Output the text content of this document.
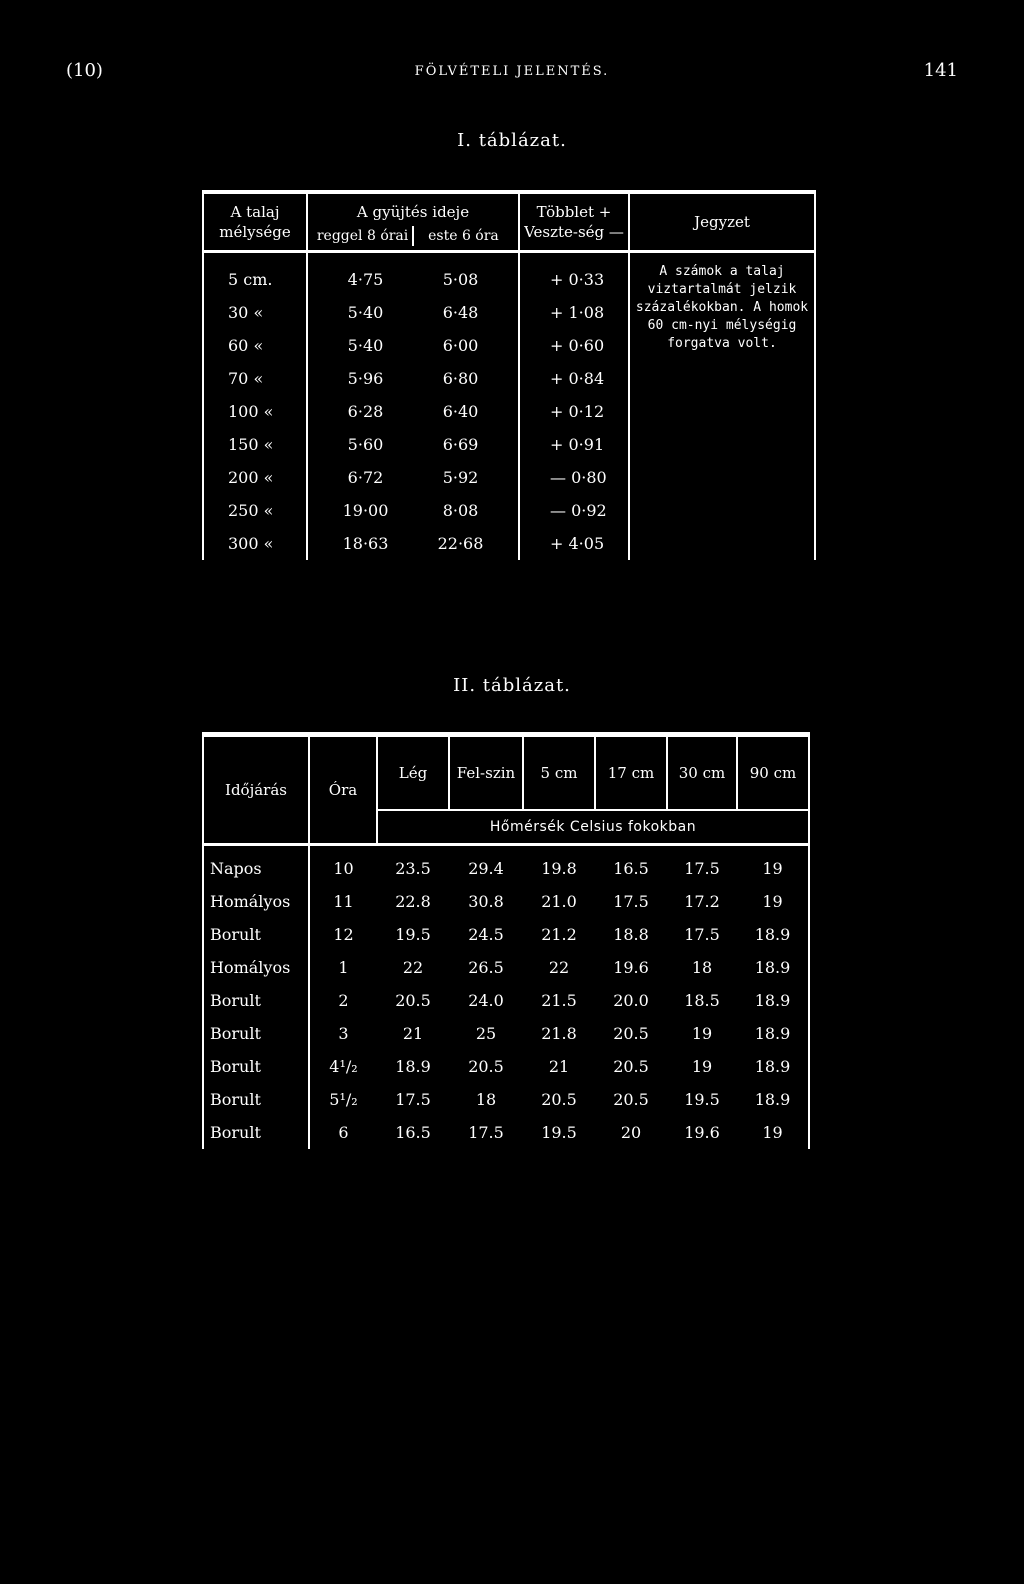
(10)	FÖLVÉTELI JELENTÉS.	141
I. táblázat.
A talaj mélysége	A gyüjtés ideje	Többlet + Veszte-ség —	Jegyzet

	reggel 8 órai este 6 óra		

5 cm.	4·75 5·08	+ 0·33	A számok a talaj viztartalmát jelzik százalékokban. A homok 60 cm-nyi mélységig forgatva volt.
30 «	5·40 6·48	+ 1·08	
60 «	5·40 6·00	+ 0·60	
70 «	5·96 6·80	+ 0·84	
100 «	6·28 6·40	+ 0·12	
150 «	5·60 6·69	+ 0·91	
200 «	6·72 5·92	— 0·80	
250 «	19·00 8·08	— 0·92	
300 «	18·63 22·68	+ 4·05	
II. táblázat.
Időjárás	Óra	Lég	Fel-szin	5 cm	17 cm	30 cm	90 cm
		Hőmérsék Celsius fokokban					
Napos	10	23.5	29.4	19.8	16.5	17.5	19
Homályos	11	22.8	30.8	21.0	17.5	17.2	19
Borult	12	19.5	24.5	21.2	18.8	17.5	18.9
Homályos	1	22	26.5	22	19.6	18	18.9
Borult	2	20.5	24.0	21.5	20.0	18.5	18.9
Borult	3	21	25	21.8	20.5	19	18.9
Borult	4¹/₂	18.9	20.5	21	20.5	19	18.9
Borult	5¹/₂	17.5	18	20.5	20.5	19.5	18.9
Borult	6	16.5	17.5	19.5	20	19.6	19
